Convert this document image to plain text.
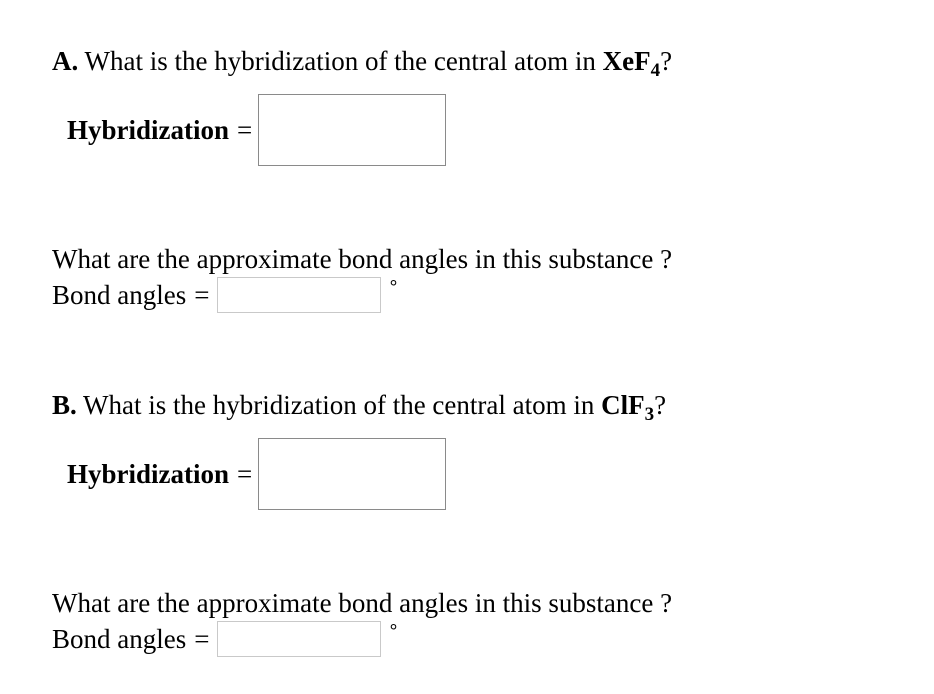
A. What is the hybridization of the central atom in XeF$_4$?
Hybridization =
What are the approximate bond angles in this substance ?
Bond angles =	°
B. What is the hybridization of the central atom in ClF$_3$?
Hybridization =
What are the approximate bond angles in this substance ?
Bond angles =	°
